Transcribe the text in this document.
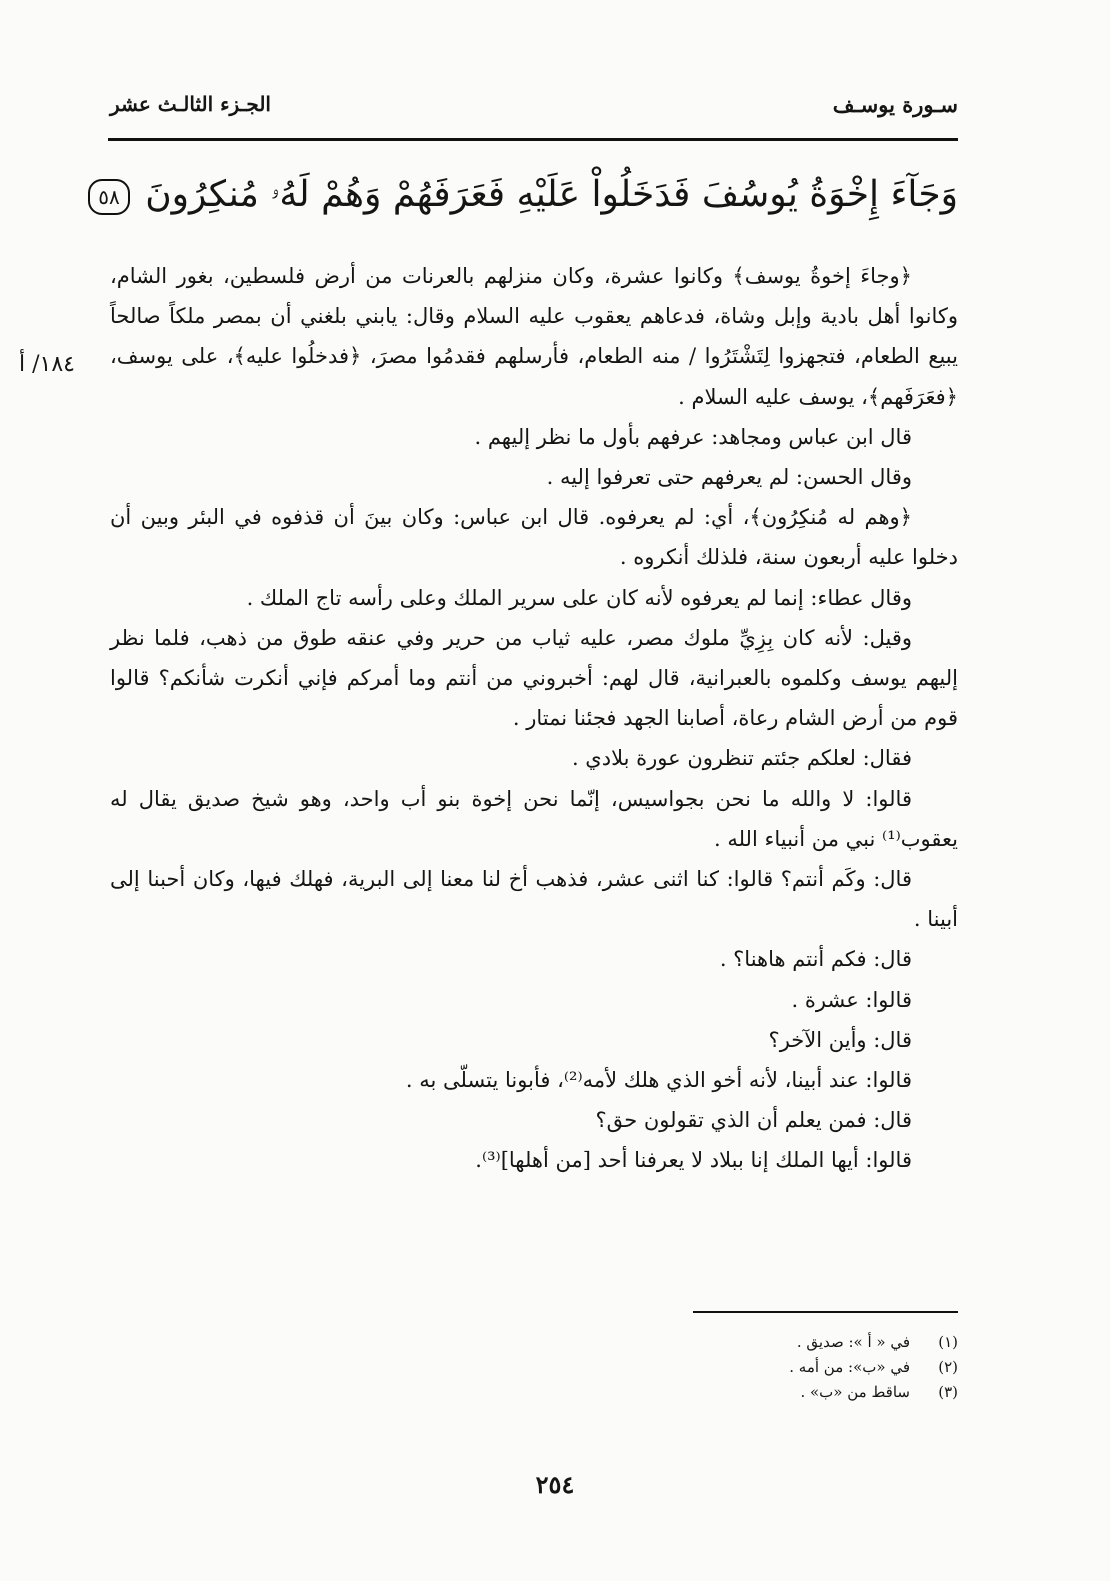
سـورة يوسـف
الجـزء الثالـث عشر
وَجَآءَ إِخْوَةُ يُوسُفَ فَدَخَلُواْ عَلَيْهِ فَعَرَفَهُمْ وَهُمْ لَهُۥ مُنكِرُونَ ٥٨
١٨٤/ أ

﴿وجاءَ إخوةُ يوسف﴾ وكانوا عشرة، وكان منزلهم بالعرنات من أرض فلسطين، بغور الشام، وكانوا أهل بادية وإبل وشاة، فدعاهم يعقوب عليه السلام وقال: يابني بلغني أن بمصر ملكاً صالحاً يبيع الطعام، فتجهزوا لِتَشْتَرُوا / منه الطعام، فأرسلهم فقدمُوا مصرَ، ﴿فدخلُوا عليه﴾، على يوسف، ﴿فعَرَفَهم﴾، يوسف عليه السلام .

قال ابن عباس ومجاهد: عرفهم بأول ما نظر إليهم .

وقال الحسن: لم يعرفهم حتى تعرفوا إليه .

﴿وهم له مُنكِرُون﴾، أي: لم يعرفوه. قال ابن عباس: وكان بينَ أن قذفوه في البئر وبين أن دخلوا عليه أربعون سنة، فلذلك أنكروه .

وقال عطاء: إنما لم يعرفوه لأنه كان على سرير الملك وعلى رأسه تاج الملك .

وقيل: لأنه كان بِزِيِّ ملوك مصر، عليه ثياب من حرير وفي عنقه طوق من ذهب، فلما نظر إليهم يوسف وكلموه بالعبرانية، قال لهم: أخبروني من أنتم وما أمركم فإني أنكرت شأنكم؟ قالوا قوم من أرض الشام رعاة، أصابنا الجهد فجئنا نمتار .

فقال: لعلكم جئتم تنظرون عورة بلادي .

قالوا: لا والله ما نحن بجواسيس، إنّما نحن إخوة بنو أب واحد، وهو شيخ صديق يقال له يعقوب⁽¹⁾ نبي من أنبياء الله .

قال: وكَم أنتم؟ قالوا: كنا اثنى عشر، فذهب أخ لنا معنا إلى البرية، فهلك فيها، وكان أحبنا إلى أبينا .

قال: فكم أنتم هاهنا؟ .

قالوا: عشرة .

قال: وأين الآخر؟

قالوا: عند أبينا، لأنه أخو الذي هلك لأمه⁽²⁾، فأبونا يتسلّى به .

قال: فمن يعلم أن الذي تقولون حق؟

قالوا: أيها الملك إنا ببلاد لا يعرفنا أحد [من أهلها]⁽³⁾.

(١)
في « أ »: صديق .
(٢)
في «ب»: من أمه .
(٣)
ساقط من «ب» .
٢٥٤
